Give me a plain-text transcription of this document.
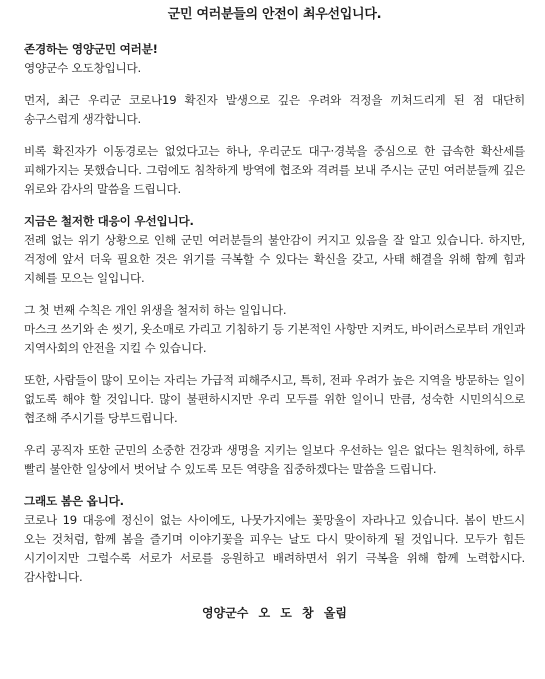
군민 여러분들의 안전이 최우선입니다.

존경하는 영양군민 여러분!
영양군수 오도창입니다.

먼저, 최근 우리군 코로나19 확진자 발생으로 깊은 우려와 걱정을 끼쳐드리게 된 점 대단히 송구스럽게 생각합니다.

비록 확진자가 이동경로는 없었다고는 하나, 우리군도 대구·경북을 중심으로 한 급속한 확산세를 피해가지는 못했습니다. 그럼에도 침착하게 방역에 협조와 격려를 보내 주시는 군민 여러분들께 깊은 위로와 감사의 말씀을 드립니다.

지금은 철저한 대응이 우선입니다.
전례 없는 위기 상황으로 인해 군민 여러분들의 불안감이 커지고 있음을 잘 알고 있습니다. 하지만, 걱정에 앞서 더욱 필요한 것은 위기를 극복할 수 있다는 확신을 갖고, 사태 해결을 위해 함께 힘과 지혜를 모으는 일입니다.

그 첫 번째 수칙은 개인 위생을 철저히 하는 일입니다.
마스크 쓰기와 손 씻기, 옷소매로 가리고 기침하기 등 기본적인 사항만 지켜도, 바이러스로부터 개인과 지역사회의 안전을 지킬 수 있습니다.

또한, 사람들이 많이 모이는 자리는 가급적 피해주시고, 특히, 전파 우려가 높은 지역을 방문하는 일이 없도록 해야 할 것입니다. 많이 불편하시지만 우리 모두를 위한 일이니 만큼, 성숙한 시민의식으로 협조해 주시기를 당부드립니다.

우리 공직자 또한 군민의 소중한 건강과 생명을 지키는 일보다 우선하는 일은 없다는 원칙하에, 하루 빨리 불안한 일상에서 벗어날 수 있도록 모든 역량을 집중하겠다는 말씀을 드립니다.

그래도 봄은 옵니다.
코로나 19 대응에 정신이 없는 사이에도, 나뭇가지에는 꽃망울이 자라나고 있습니다. 봄이 반드시 오는 것처럼, 함께 봄을 즐기며 이야기꽃을 피우는 날도 다시 맞이하게 될 것입니다. 모두가 힘든 시기이지만 그럴수록 서로가 서로를 응원하고 배려하면서 위기 극복을 위해 함께 노력합시다. 감사합니다.

영양군수 오 도 창 올림
